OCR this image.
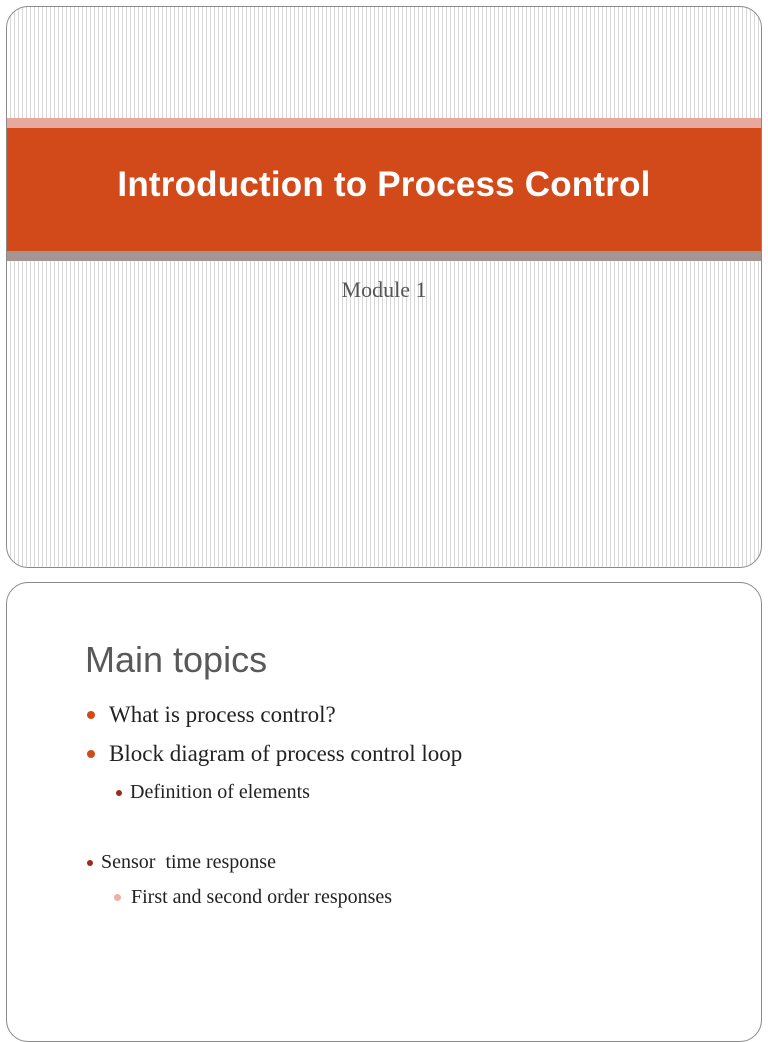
Introduction to Process Control

Module 1

Main topics
What is process control?
Block diagram of process control loop
Definition of elements
Sensor  time response
First and second order responses
